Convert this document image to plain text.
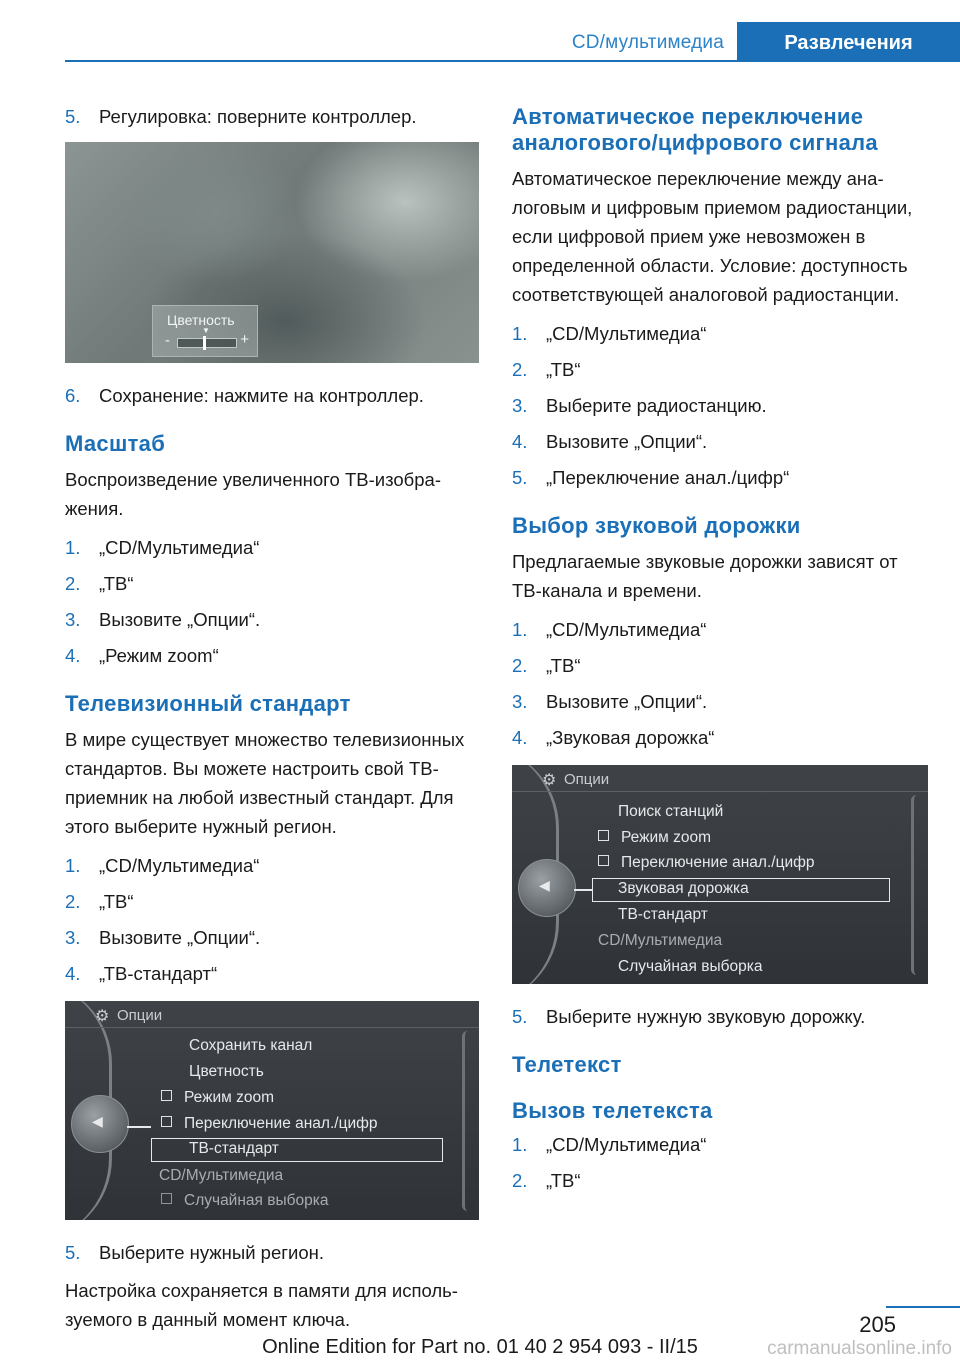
CD/мультимедиа	Развлечения
5. Регулировка: поверните контроллер.
Цветность
▼
-	+
6. Сохранение: нажмите на контроллер.
Масштаб
Воспроизведение увеличенного ТВ-изображения.
1. „CD/Мультимедиа“
2. „ТВ“
3. Вызовите „Опции“.
4. „Режим zoom“
Телевизионный стандарт
В мире существует множество телевизионных стандартов. Вы можете настроить свой ТВ-приемник на любой известный стандарт. Для этого выберите нужный регион.
1. „CD/Мультимедиа“
2. „ТВ“
3. Вызовите „Опции“.
4. „ТВ-стандарт“
⚙ Опции
◀
Сохранить канал
Цветность
Режим zoom
Переключение анал./цифр
ТВ-стандарт
CD/Мультимедиа
Случайная выборка
5. Выберите нужный регион.
Настройка сохраняется в памяти для используемого в данный момент ключа.
Автоматическое переключение аналогового/цифрового сигнала
Автоматическое переключение между аналоговым и цифровым приемом радиостанции, если цифровой прием уже невозможен в определенной области. Условие: доступность соответствующей аналоговой радиостанции.
1. „CD/Мультимедиа“
2. „ТВ“
3. Выберите радиостанцию.
4. Вызовите „Опции“.
5. „Переключение анал./цифр“
Выбор звуковой дорожки
Предлагаемые звуковые дорожки зависят от ТВ-канала и времени.
1. „CD/Мультимедиа“
2. „ТВ“
3. Вызовите „Опции“.
4. „Звуковая дорожка“
⚙ Опции
◀
Поиск станций
Режим zoom
Переключение анал./цифр
Звуковая дорожка
ТВ-стандарт
CD/Мультимедиа
Случайная выборка
5. Выберите нужную звуковую дорожку.
Телетекст
Вызов телетекста
1. „CD/Мультимедиа“
2. „ТВ“
205
Online Edition for Part no. 01 40 2 954 093 - II/15	carmanualsonline.info
